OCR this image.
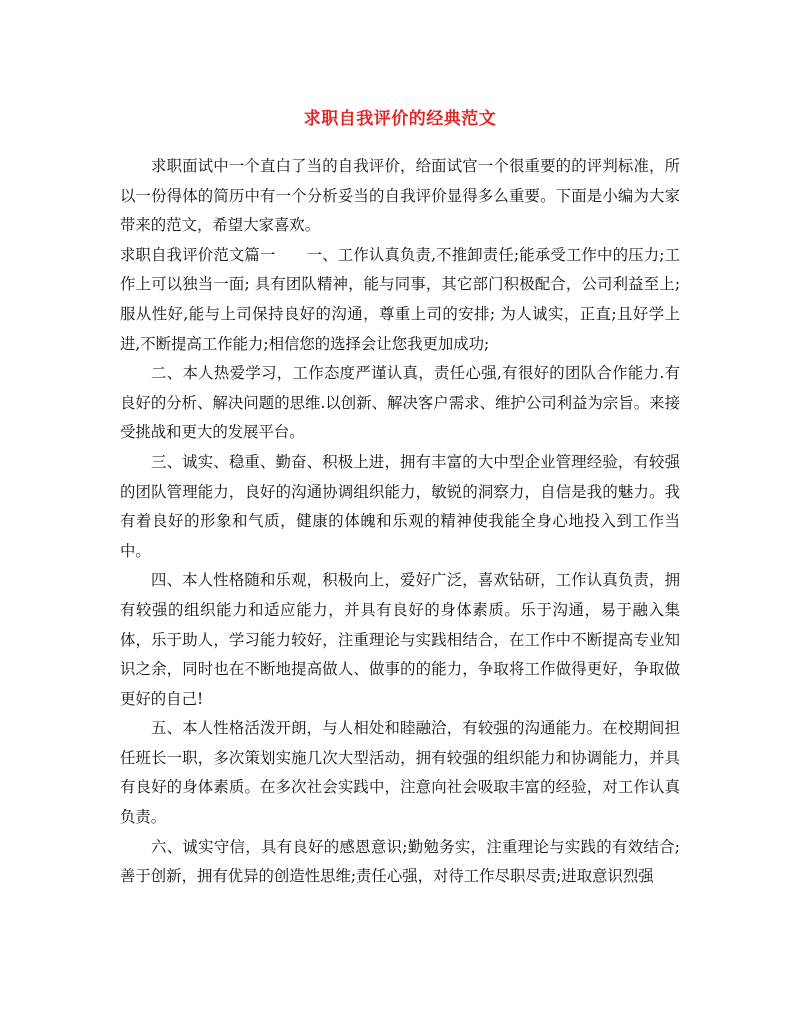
求职自我评价的经典范文

求职面试中一个直白了当的自我评价，给面试官一个很重要的的评判标准，所以一份得体的简历中有一个分析妥当的自我评价显得多么重要。下面是小编为大家带来的范文，希望大家喜欢。

求职自我评价范文篇一　　一、工作认真负责,不推卸责任;能承受工作中的压力;工作上可以独当一面; 具有团队精神，能与同事，其它部门积极配合，公司利益至上; 服从性好,能与上司保持良好的沟通，尊重上司的安排; 为人诚实，正直;且好学上进,不断提高工作能力;相信您的选择会让您我更加成功;

二、本人热爱学习，工作态度严谨认真，责任心强,有很好的团队合作能力.有良好的分析、解决问题的思维.以创新、解决客户需求、维护公司利益为宗旨。来接受挑战和更大的发展平台。

三、诚实、稳重、勤奋、积极上进，拥有丰富的大中型企业管理经验，有较强的团队管理能力，良好的沟通协调组织能力，敏锐的洞察力，自信是我的魅力。我有着良好的形象和气质，健康的体魄和乐观的精神使我能全身心地投入到工作当中。

四、本人性格随和乐观，积极向上，爱好广泛，喜欢钻研，工作认真负责，拥有较强的组织能力和适应能力，并具有良好的身体素质。乐于沟通，易于融入集体，乐于助人，学习能力较好，注重理论与实践相结合，在工作中不断提高专业知识之余，同时也在不断地提高做人、做事的的能力，争取将工作做得更好，争取做更好的自己!

五、本人性格活泼开朗，与人相处和睦融洽，有较强的沟通能力。在校期间担任班长一职，多次策划实施几次大型活动，拥有较强的组织能力和协调能力，并具有良好的身体素质。在多次社会实践中，注意向社会吸取丰富的经验，对工作认真负责。

六、诚实守信，具有良好的感恩意识;勤勉务实，注重理论与实践的有效结合;善于创新，拥有优异的创造性思维;责任心强，对待工作尽职尽责;进取意识烈强
